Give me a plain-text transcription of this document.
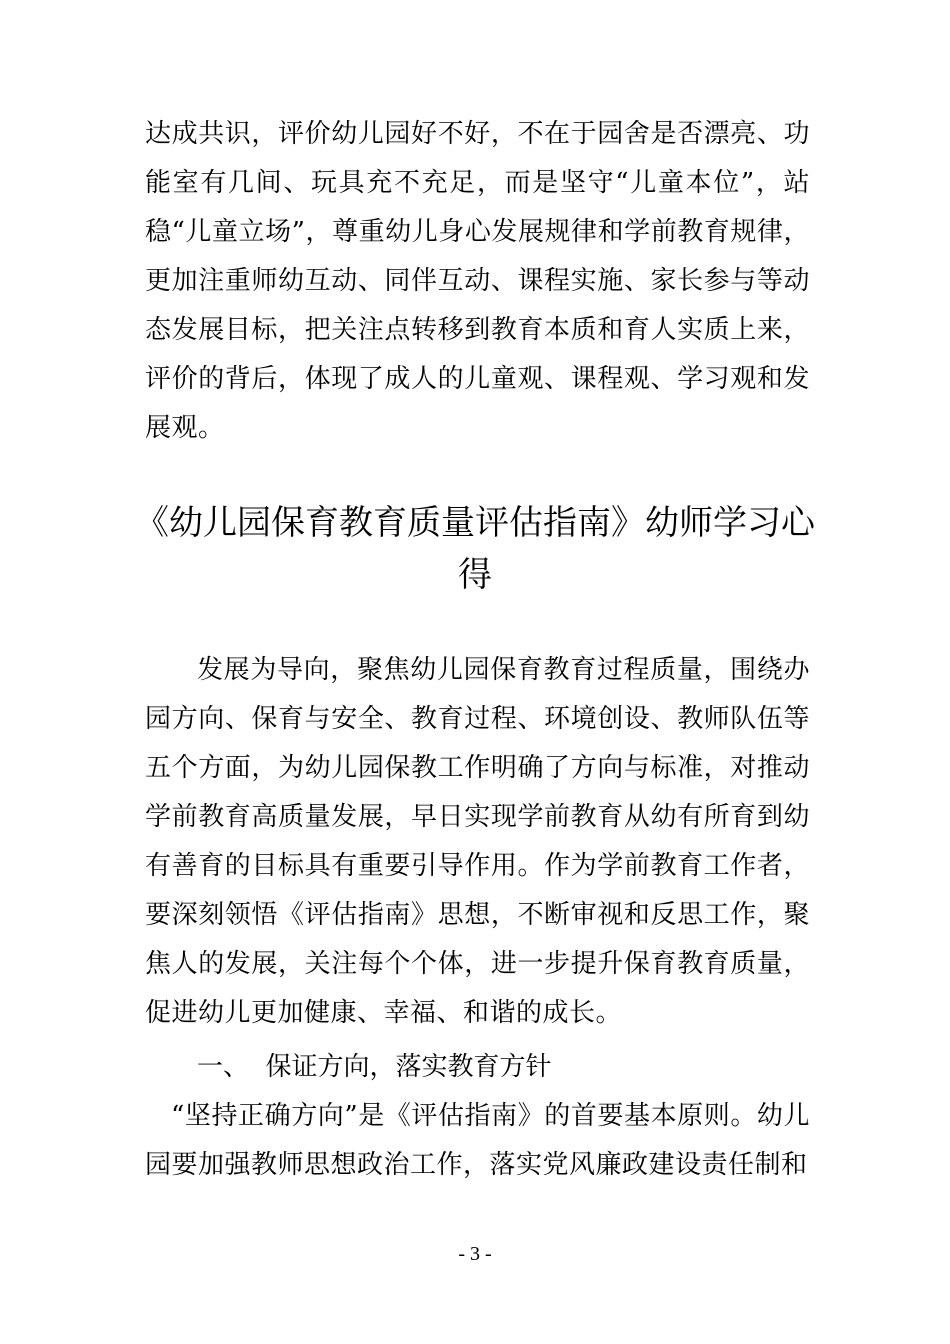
达成共识，评价幼儿园好不好，不在于园舍是否漂亮、功能室有几间、玩具充不充足，而是坚守“儿童本位”，站稳“儿童立场”，尊重幼儿身心发展规律和学前教育规律，更加注重师幼互动、同伴互动、课程实施、家长参与等动态发展目标，把关注点转移到教育本质和育人实质上来，评价的背后，体现了成人的儿童观、课程观、学习观和发展观。

《幼儿园保育教育质量评估指南》幼师学习心得

发展为导向，聚焦幼儿园保育教育过程质量，围绕办园方向、保育与安全、教育过程、环境创设、教师队伍等五个方面，为幼儿园保教工作明确了方向与标准，对推动学前教育高质量发展，早日实现学前教育从幼有所育到幼有善育的目标具有重要引导作用。作为学前教育工作者，要深刻领悟《评估指南》思想，不断审视和反思工作，聚焦人的发展，关注每个个体，进一步提升保育教育质量，促进幼儿更加健康、幸福、和谐的成长。

一、  保证方向，落实教育方针

“坚持正确方向”是《评估指南》的首要基本原则。幼儿园要加强教师思想政治工作，落实党风廉政建设责任制和

- 3 -
